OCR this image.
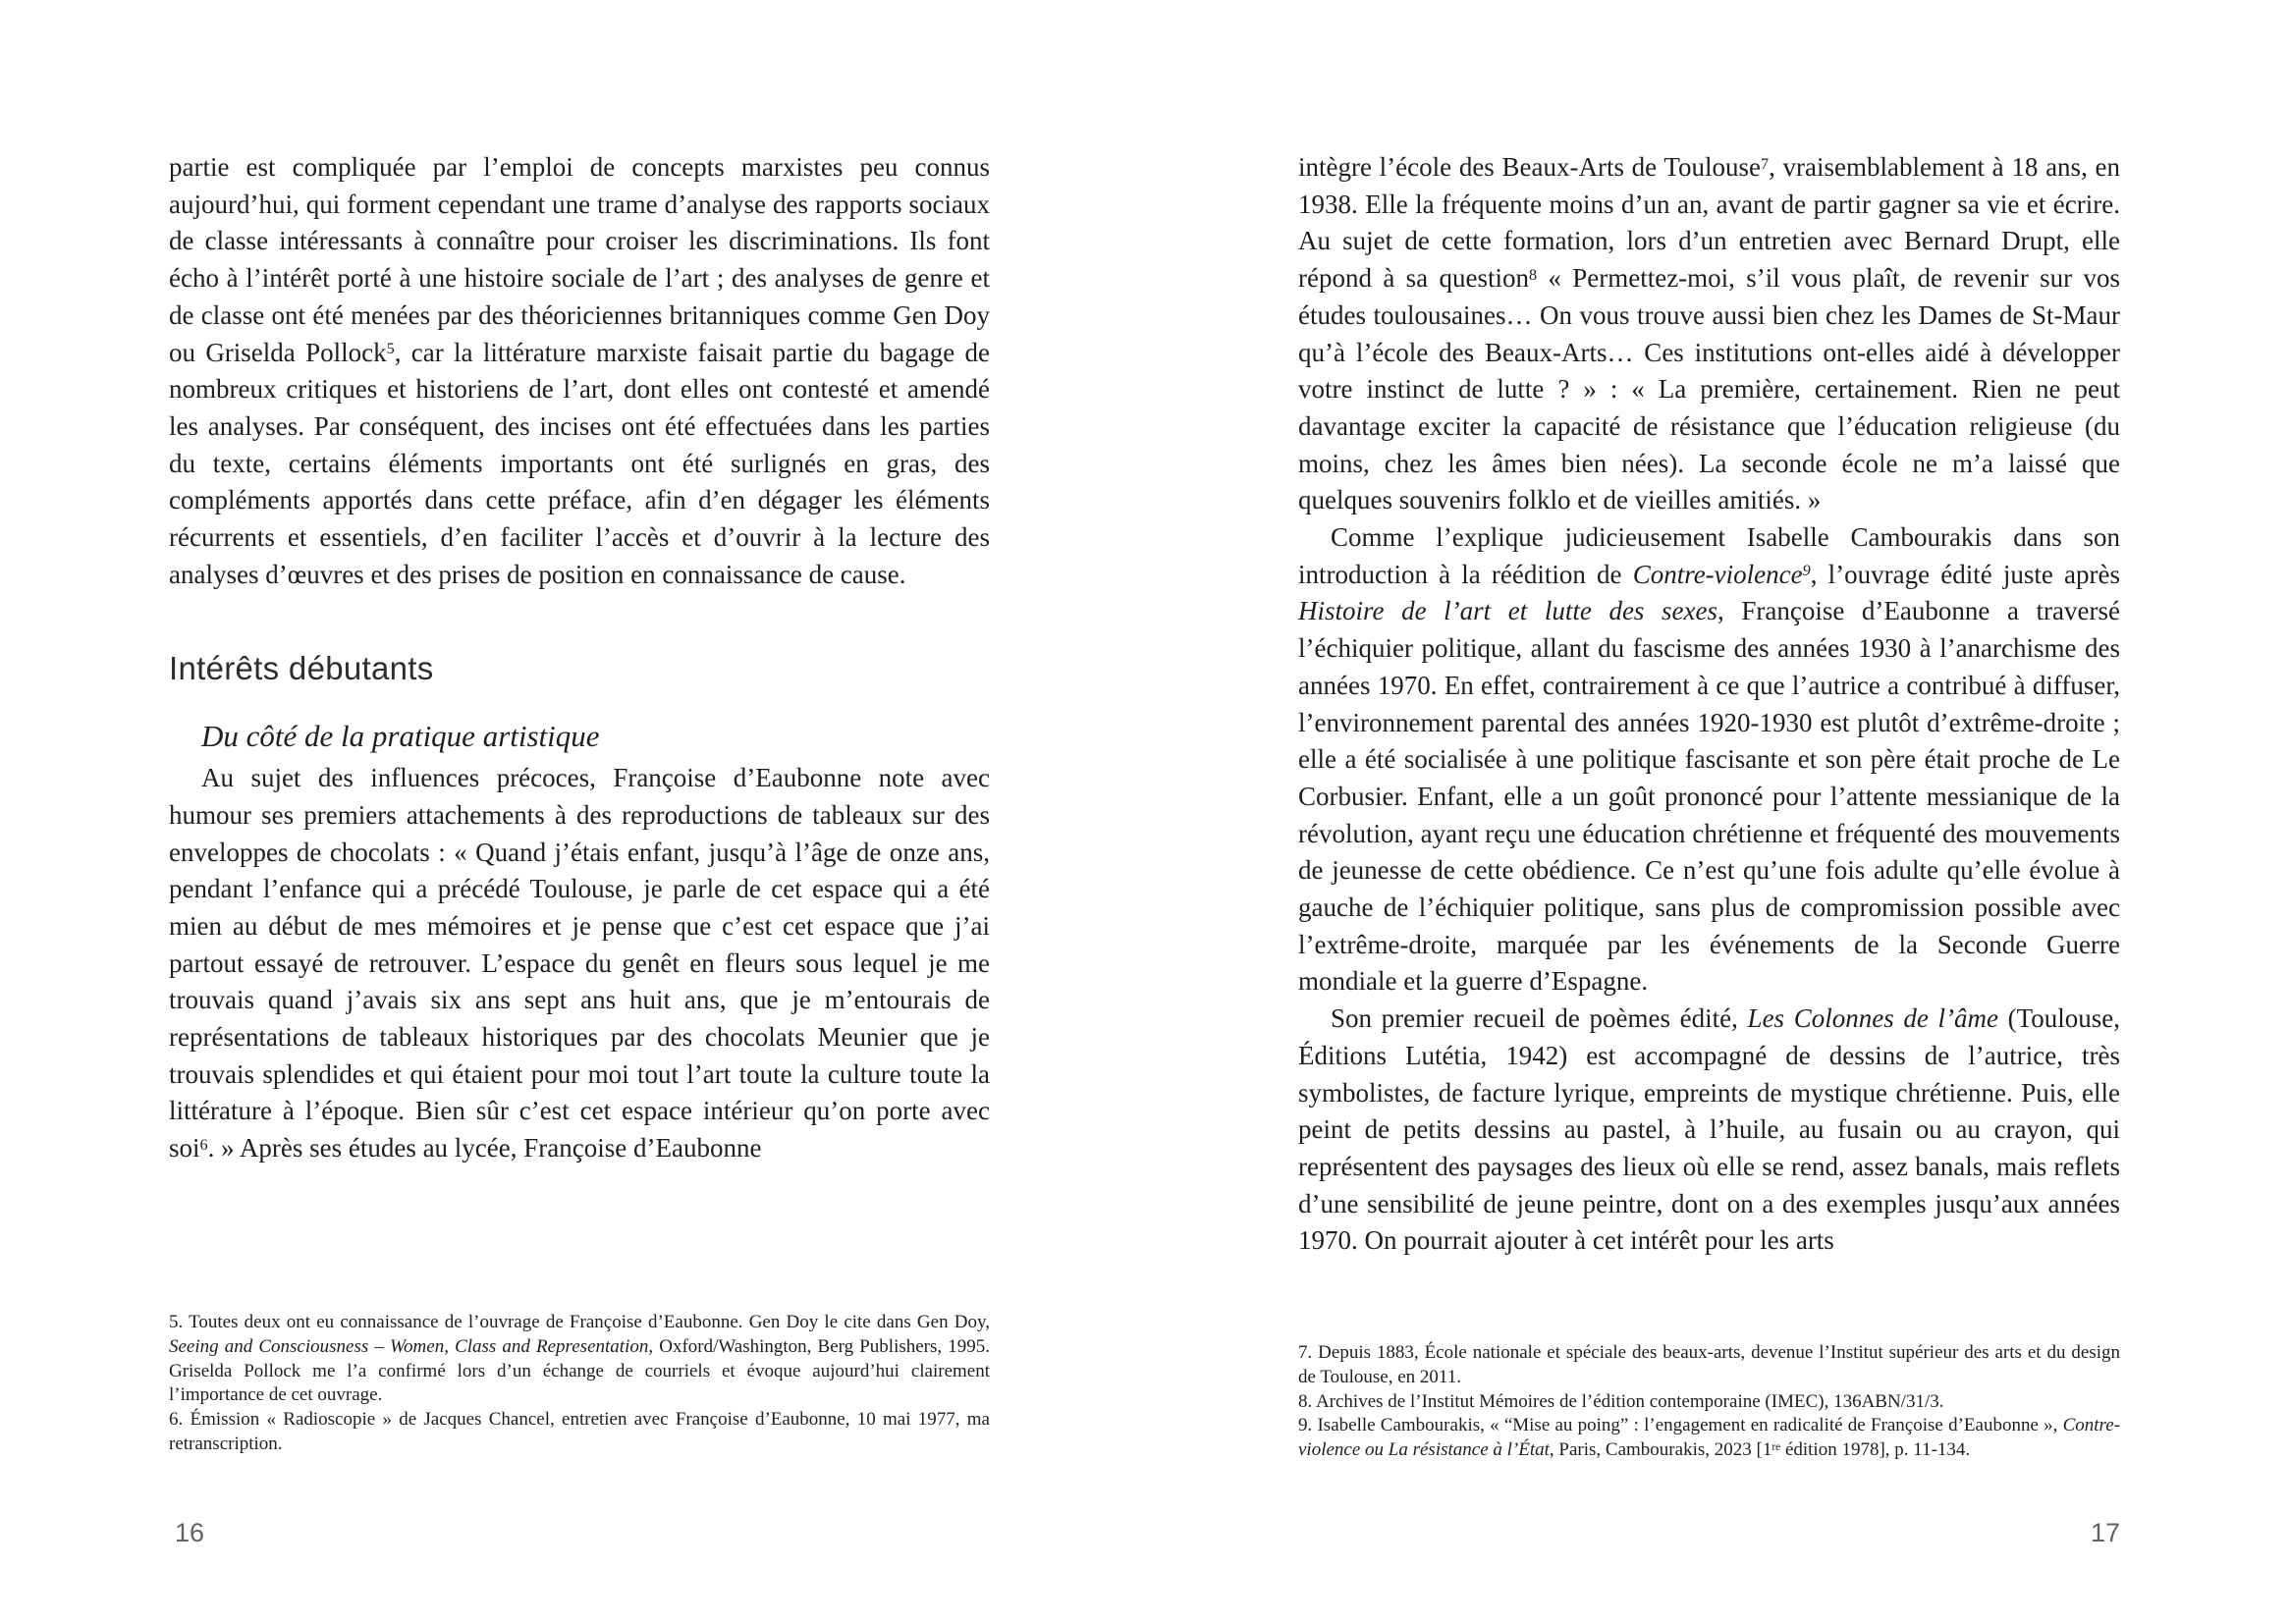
partie est compliquée par l’emploi de concepts marxistes peu connus aujourd’hui, qui forment cependant une trame d’analyse des rapports sociaux de classe intéressants à connaître pour croiser les discriminations. Ils font écho à l’intérêt porté à une histoire sociale de l’art ; des analyses de genre et de classe ont été menées par des théoriciennes britanniques comme Gen Doy ou Griselda Pollock$^5$, car la littérature marxiste faisait partie du bagage de nombreux critiques et historiens de l’art, dont elles ont contesté et amendé les analyses. Par conséquent, des incises ont été effectuées dans les parties du texte, certains éléments importants ont été surlignés en gras, des compléments apportés dans cette préface, afin d’en dégager les éléments récurrents et essentiels, d’en faciliter l’accès et d’ouvrir à la lecture des analyses d’œuvres et des prises de position en connaissance de cause.

Intérêts débutants

Du côté de la pratique artistique

Au sujet des influences précoces, Françoise d’Eaubonne note avec humour ses premiers attachements à des reproductions de tableaux sur des enveloppes de chocolats : « Quand j’étais enfant, jusqu’à l’âge de onze ans, pendant l’enfance qui a précédé Toulouse, je parle de cet espace qui a été mien au début de mes mémoires et je pense que c’est cet espace que j’ai partout essayé de retrouver. L’espace du genêt en fleurs sous lequel je me trouvais quand j’avais six ans sept ans huit ans, que je m’entourais de représentations de tableaux historiques par des chocolats Meunier que je trouvais splendides et qui étaient pour moi tout l’art toute la culture toute la littérature à l’époque. Bien sûr c’est cet espace intérieur qu’on porte avec soi$^6$. » Après ses études au lycée, Françoise d’Eaubonne

5. Toutes deux ont eu connaissance de l’ouvrage de Françoise d’Eaubonne. Gen Doy le cite dans Gen Doy, Seeing and Consciousness – Women, Class and Representation, Oxford/Washington, Berg Publishers, 1995. Griselda Pollock me l’a confirmé lors d’un échange de courriels et évoque aujourd’hui clairement l’importance de cet ouvrage.

6. Émission « Radioscopie » de Jacques Chancel, entretien avec Françoise d’Eaubonne, 10 mai 1977, ma retranscription.

16

intègre l’école des Beaux-Arts de Toulouse$^7$, vraisemblablement à 18 ans, en 1938. Elle la fréquente moins d’un an, avant de partir gagner sa vie et écrire. Au sujet de cette formation, lors d’un entretien avec Bernard Drupt, elle répond à sa question$^8$ « Permettez-moi, s’il vous plaît, de revenir sur vos études toulousaines… On vous trouve aussi bien chez les Dames de St-Maur qu’à l’école des Beaux-Arts… Ces institutions ont-elles aidé à développer votre instinct de lutte ? » : « La première, certainement. Rien ne peut davantage exciter la capacité de résistance que l’éducation religieuse (du moins, chez les âmes bien nées). La seconde école ne m’a laissé que quelques souvenirs folklo et de vieilles amitiés. »

Comme l’explique judicieusement Isabelle Cambourakis dans son introduction à la réédition de Contre-violence$^9$, l’ouvrage édité juste après Histoire de l’art et lutte des sexes, Françoise d’Eaubonne a traversé l’échiquier politique, allant du fascisme des années 1930 à l’anarchisme des années 1970. En effet, contrairement à ce que l’autrice a contribué à diffuser, l’environnement parental des années 1920-1930 est plutôt d’extrême-droite ; elle a été socialisée à une politique fascisante et son père était proche de Le Corbusier. Enfant, elle a un goût prononcé pour l’attente messianique de la révolution, ayant reçu une éducation chrétienne et fréquenté des mouvements de jeunesse de cette obédience. Ce n’est qu’une fois adulte qu’elle évolue à gauche de l’échiquier politique, sans plus de compromission possible avec l’extrême-droite, marquée par les événements de la Seconde Guerre mondiale et la guerre d’Espagne.

Son premier recueil de poèmes édité, Les Colonnes de l’âme (Toulouse, Éditions Lutétia, 1942) est accompagné de dessins de l’autrice, très symbolistes, de facture lyrique, empreints de mystique chrétienne. Puis, elle peint de petits dessins au pastel, à l’huile, au fusain ou au crayon, qui représentent des paysages des lieux où elle se rend, assez banals, mais reflets d’une sensibilité de jeune peintre, dont on a des exemples jusqu’aux années 1970. On pourrait ajouter à cet intérêt pour les arts

7. Depuis 1883, École nationale et spéciale des beaux-arts, devenue l’Institut supérieur des arts et du design de Toulouse, en 2011.

8. Archives de l’Institut Mémoires de l’édition contemporaine (IMEC), 136ABN/31/3.

9. Isabelle Cambourakis, « “Mise au poing” : l’engagement en radicalité de Françoise d’Eaubonne », Contre-violence ou La résistance à l’État, Paris, Cambourakis, 2023 [1re édition 1978], p. 11-134.

17
